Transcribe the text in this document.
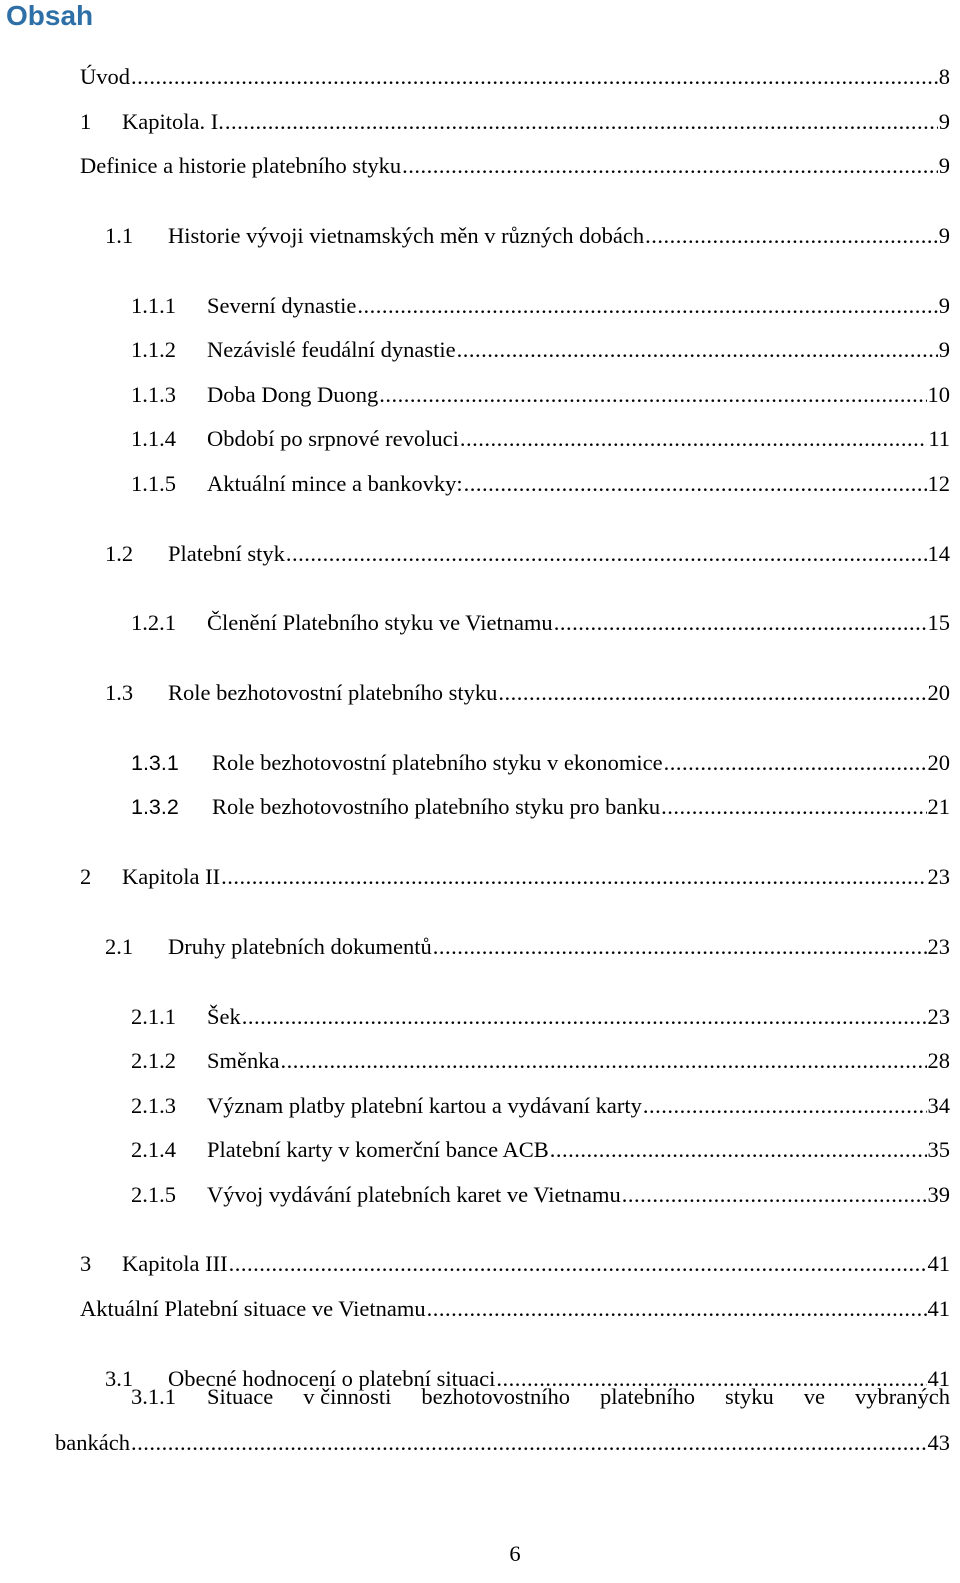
Obsah
Úvod .....	8
1	Kapitola. I. .....	9
Definice a historie platebního styku .....	9
1.1	Historie vývoji vietnamských měn v různých dobách .....	9
1.1.1	Severní dynastie .....	9
1.1.2	Nezávislé feudální dynastie .....	9
1.1.3	Doba Dong Duong .....	10
1.1.4	Období po srpnové revoluci .....	11
1.1.5	Aktuální mince a bankovky: .....	12
1.2	Platební styk .....	14
1.2.1	Členění Platebního styku ve Vietnamu .....	15
1.3	Role bezhotovostní platebního styku .....	20
1.3.1	Role bezhotovostní platebního styku v ekonomice .....	20
1.3.2	Role bezhotovostního platebního styku pro banku .....	21
2	Kapitola II .....	23
2.1	Druhy platebních dokumentů .....	23
2.1.1	Šek .....	23
2.1.2	Směnka .....	28
2.1.3	Význam platby platební kartou a vydávaní karty .....	34
2.1.4	Platební karty v komerční bance ACB .....	35
2.1.5	Vývoj vydávání platebních karet ve Vietnamu .....	39
3	Kapitola III .....	41
Aktuální Platební situace ve Vietnamu .....	41
3.1	Obecné hodnocení o platební situaci .....	41
3.1.1	Situace v činnosti bezhotovostního platebního styku ve vybraných
bankách .....	43
6
